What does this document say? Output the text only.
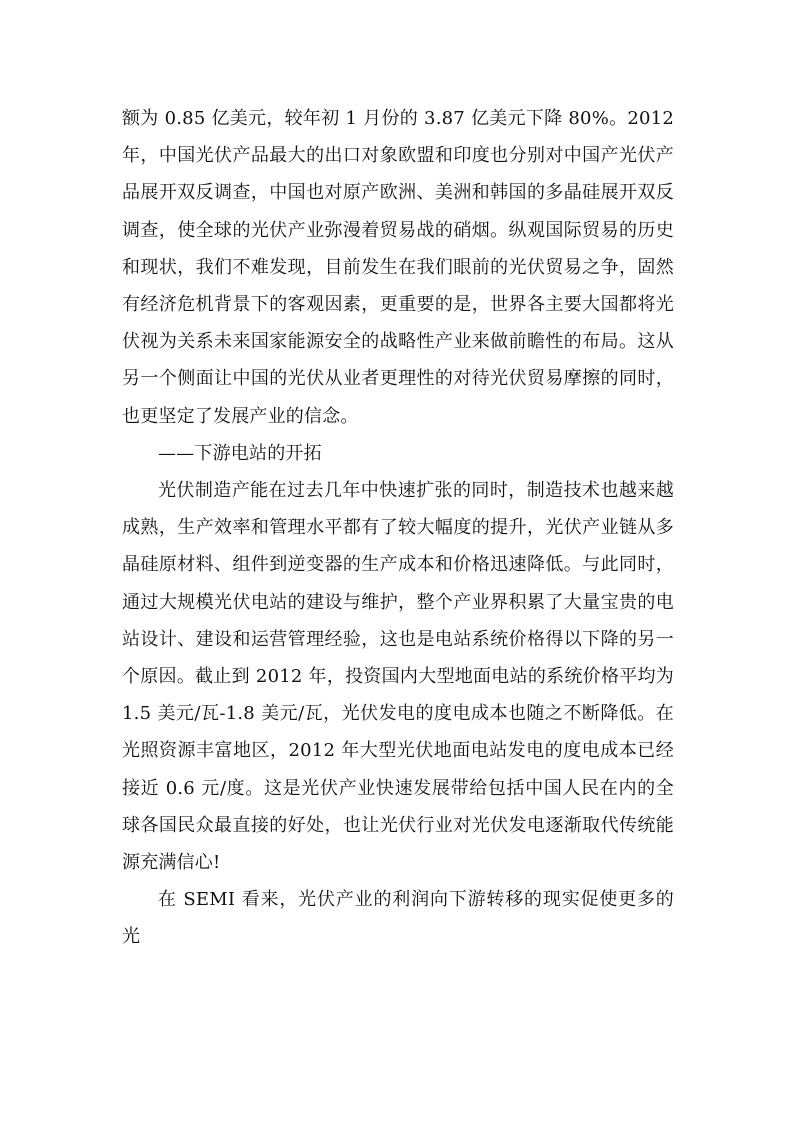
额为 0.85 亿美元，较年初 1 月份的 3.87 亿美元下降 80%。2012 年，中国光伏产品最大的出口对象欧盟和印度也分别对中国产光伏产品展开双反调查，中国也对原产欧洲、美洲和韩国的多晶硅展开双反调查，使全球的光伏产业弥漫着贸易战的硝烟。纵观国际贸易的历史和现状，我们不难发现，目前发生在我们眼前的光伏贸易之争，固然有经济危机背景下的客观因素，更重要的是，世界各主要大国都将光伏视为关系未来国家能源安全的战略性产业来做前瞻性的布局。这从另一个侧面让中国的光伏从业者更理性的对待光伏贸易摩擦的同时，也更坚定了发展产业的信念。

——下游电站的开拓

光伏制造产能在过去几年中快速扩张的同时，制造技术也越来越成熟，生产效率和管理水平都有了较大幅度的提升，光伏产业链从多晶硅原材料、组件到逆变器的生产成本和价格迅速降低。与此同时，通过大规模光伏电站的建设与维护，整个产业界积累了大量宝贵的电站设计、建设和运营管理经验，这也是电站系统价格得以下降的另一个原因。截止到 2012 年，投资国内大型地面电站的系统价格平均为 1.5 美元/瓦-1.8 美元/瓦，光伏发电的度电成本也随之不断降低。在光照资源丰富地区，2012 年大型光伏地面电站发电的度电成本已经接近 0.6 元/度。这是光伏产业快速发展带给包括中国人民在内的全球各国民众最直接的好处，也让光伏行业对光伏发电逐渐取代传统能源充满信心!

在 SEMI 看来，光伏产业的利润向下游转移的现实促使更多的光
